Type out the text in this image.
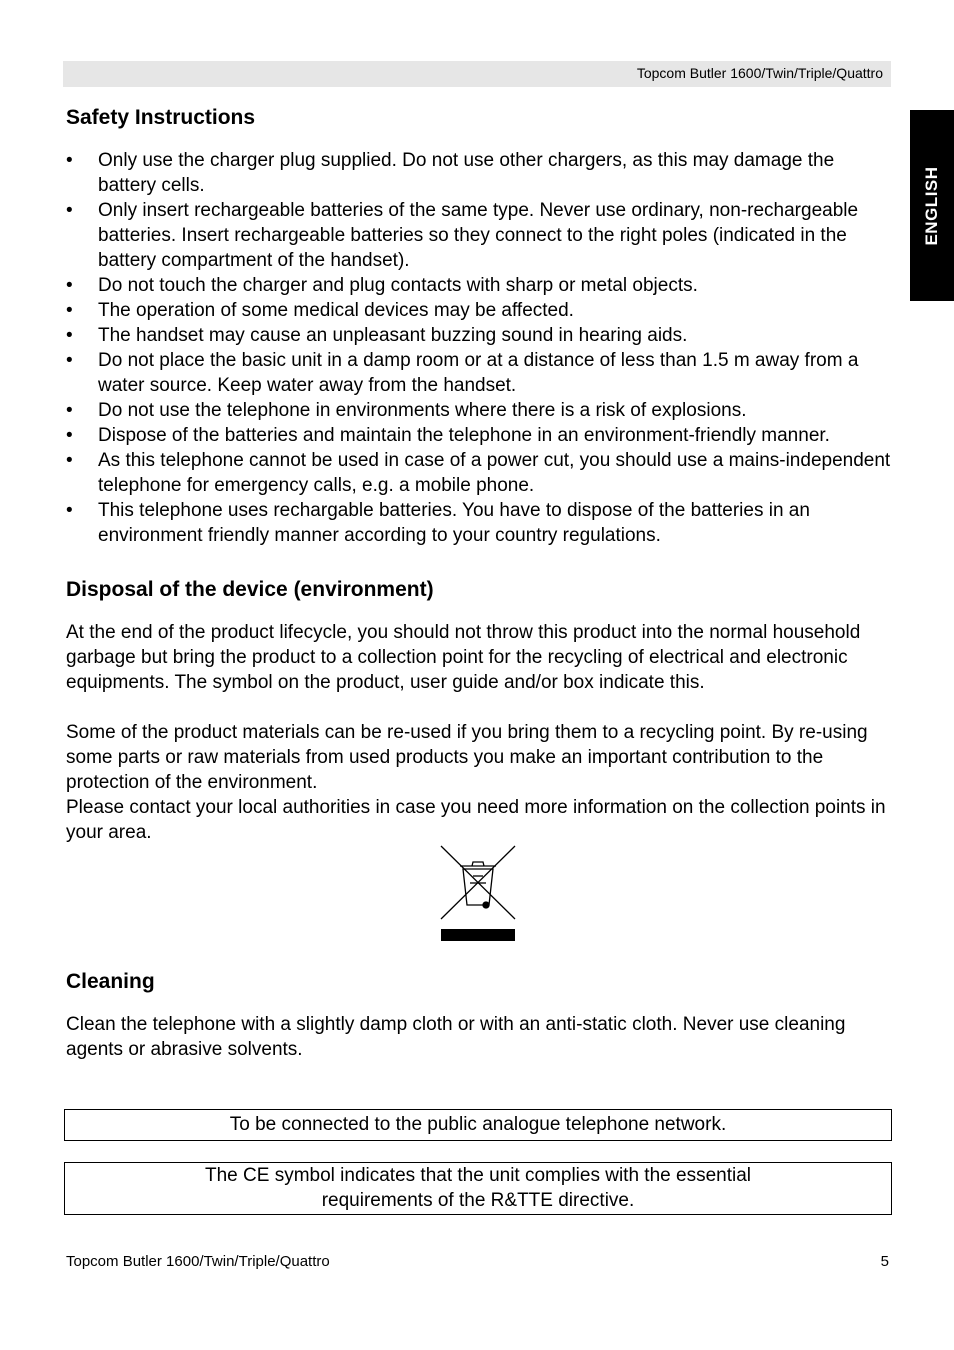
Topcom Butler 1600/Twin/Triple/Quattro
ENGLISH
Safety Instructions
• Only use the charger plug supplied. Do not use other chargers, as this may damage the battery cells.
• Only insert rechargeable batteries of the same type. Never use ordinary, non-rechargeable batteries. Insert rechargeable batteries so they connect to the right poles (indicated in the battery compartment of the handset).
• Do not touch the charger and plug contacts with sharp or metal objects.
• The operation of some medical devices may be affected.
• The handset may cause an unpleasant buzzing sound in hearing aids.
• Do not place the basic unit in a damp room or at a distance of less than 1.5 m away from a water source. Keep water away from the handset.
• Do not use the telephone in environments where there is a risk of explosions.
• Dispose of the batteries and maintain the telephone in an environment-friendly manner.
• As this telephone cannot be used in case of a power cut, you should use a mains-independent telephone for emergency calls, e.g. a mobile phone.
• This telephone uses rechargable batteries. You have to dispose of the batteries in an environment friendly manner according to your country regulations.
Disposal of the device (environment)

At the end of the product lifecycle, you should not throw this product into the normal household garbage but bring the product to a collection point for the recycling of electrical and electronic equipments. The symbol on the product, user guide and/or box indicate this.

Some of the product materials can be re-used if you bring them to a recycling point. By re-using some parts or raw materials from used products you make an important contribution to the protection of the environment.

Please contact your local authorities in case you need more information on the collection points in your area.

Cleaning

Clean the telephone with a slightly damp cloth or with an anti-static cloth. Never use cleaning agents or abrasive solvents.

To be connected to the public analogue telephone network.
The CE symbol indicates that the unit complies with the essential
requirements of the R&TTE directive.
Topcom Butler 1600/Twin/Triple/Quattro	5
